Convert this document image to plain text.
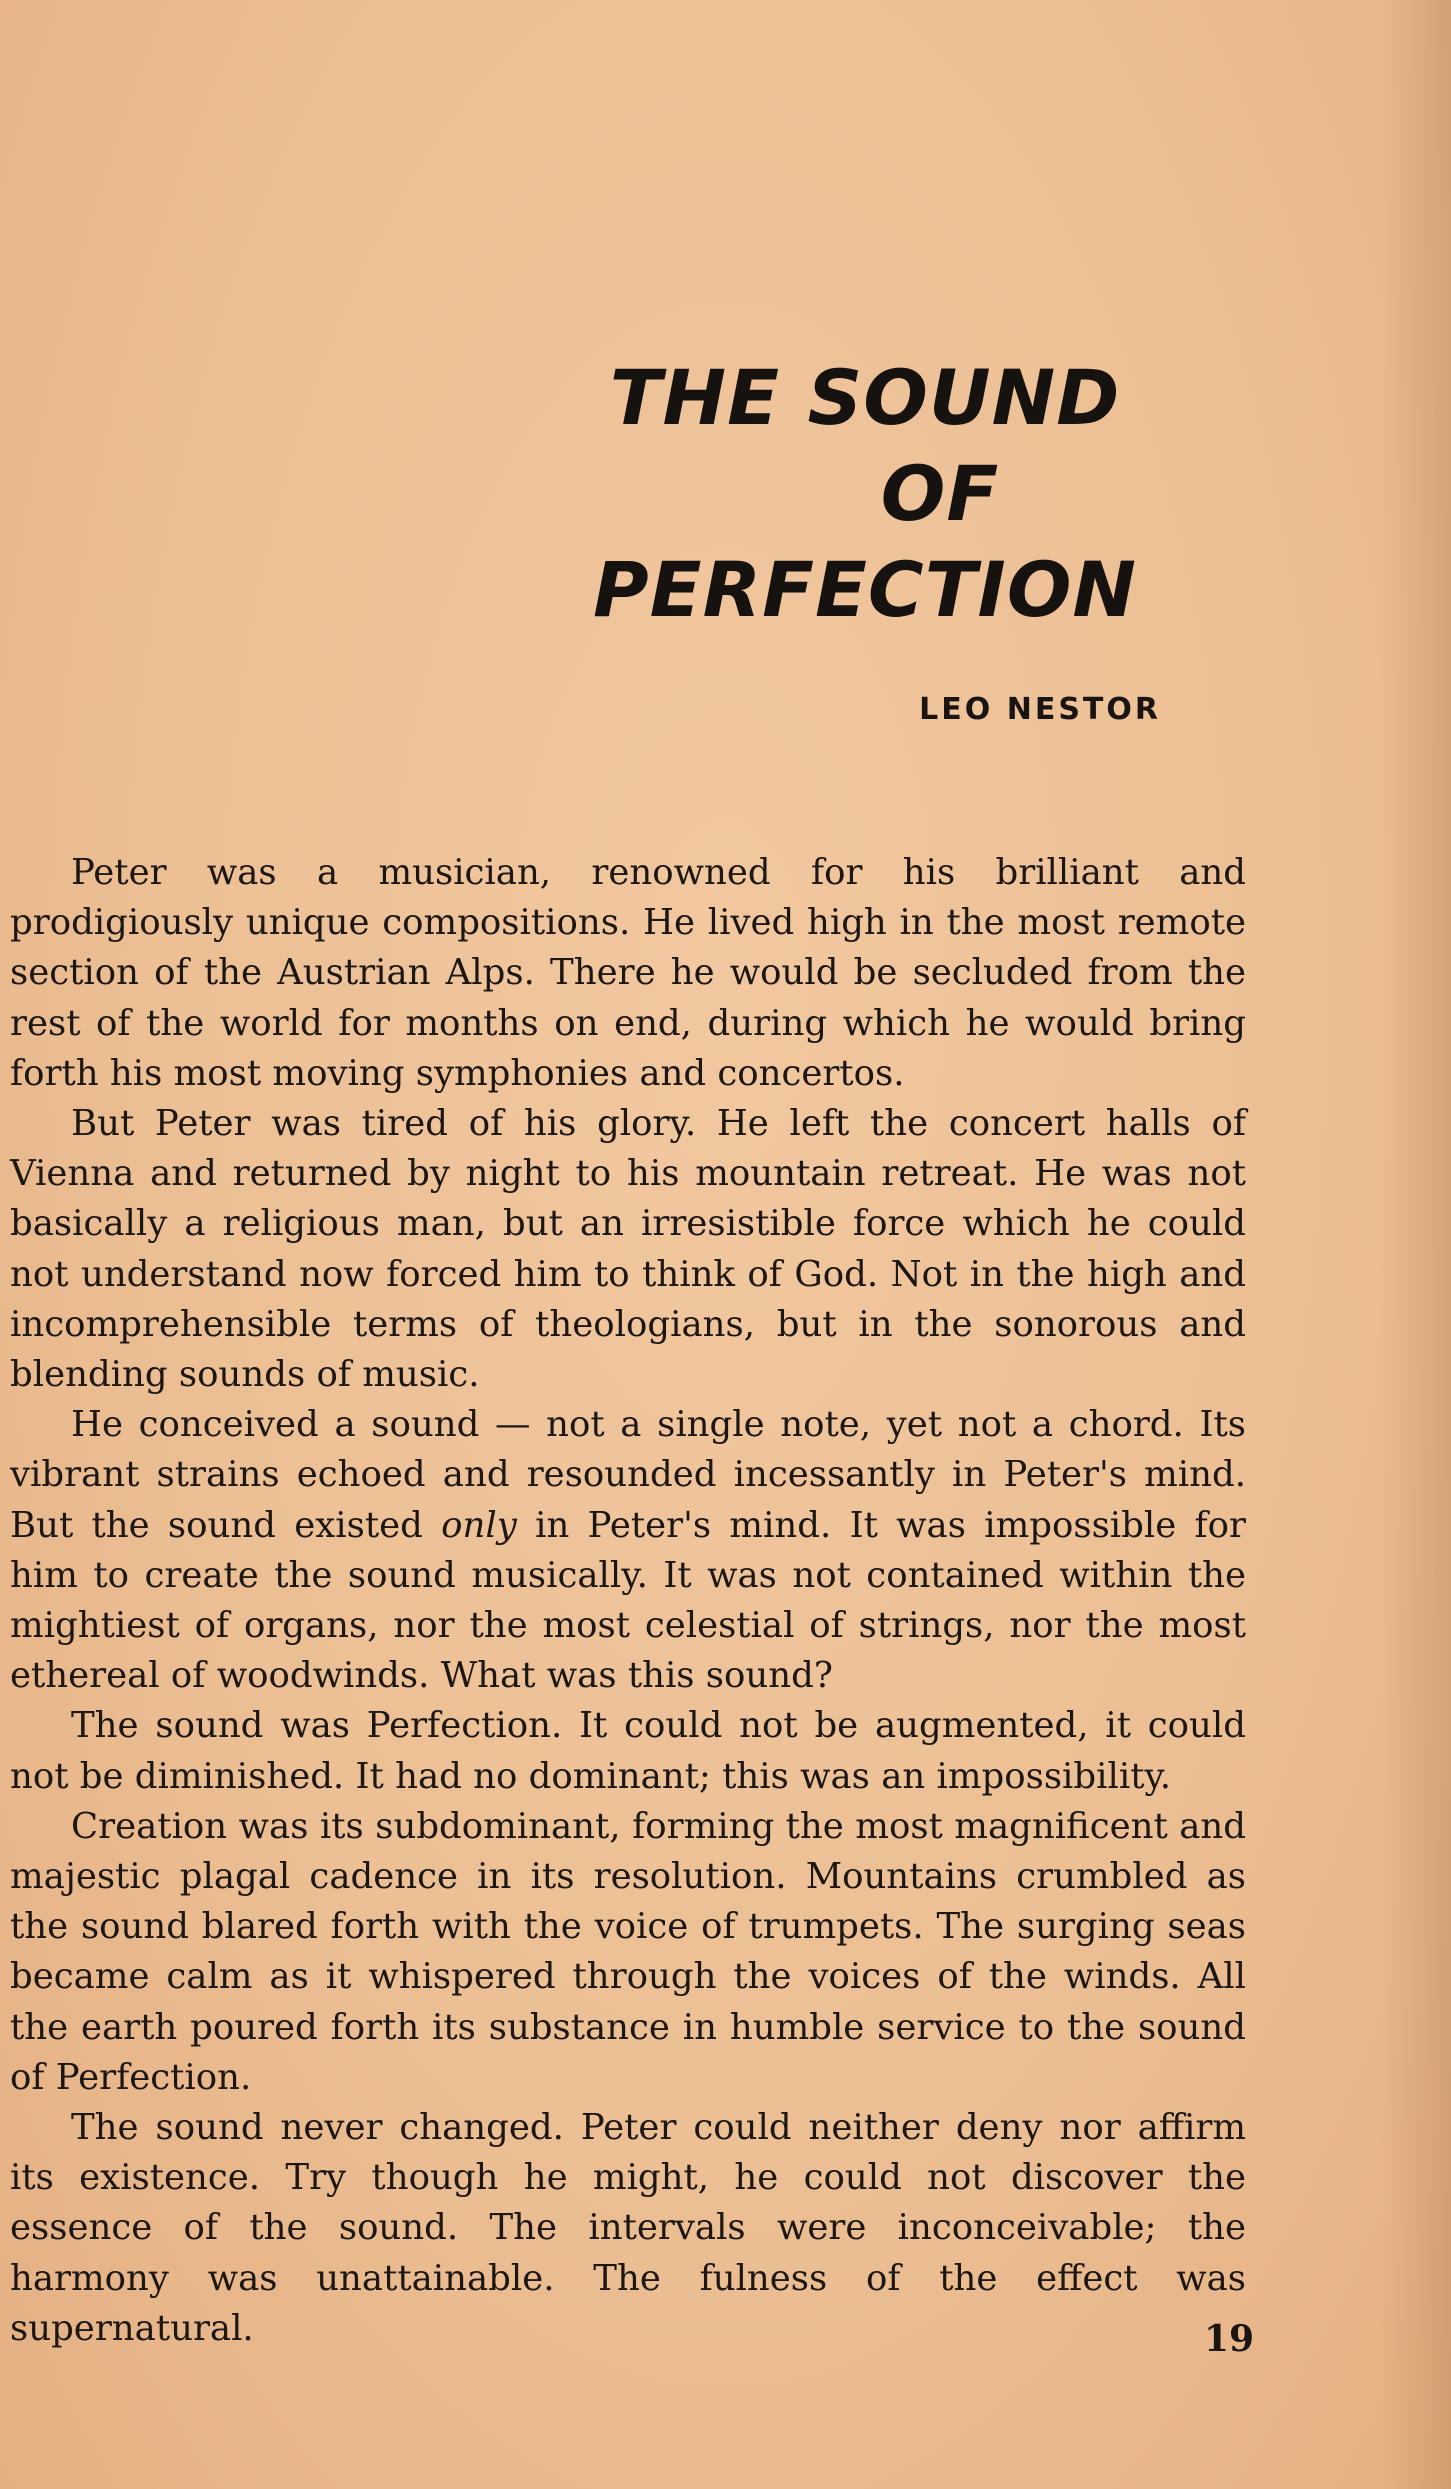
THE SOUND
OF
PERFECTION
LEO NESTOR

Peter was a musician, renowned for his brilliant and prodigiously unique compositions. He lived high in the most remote section of the Austrian Alps. There he would be secluded from the rest of the world for months on end, during which he would bring forth his most moving symphonies and concertos.

But Peter was tired of his glory. He left the concert halls of Vienna and returned by night to his mountain retreat. He was not basically a religious man, but an irresistible force which he could not understand now forced him to think of God. Not in the high and incomprehensible terms of theologians, but in the sonorous and blending sounds of music.

He conceived a sound — not a single note, yet not a chord. Its vibrant strains echoed and resounded incessantly in Peter's mind. But the sound existed only in Peter's mind. It was impossible for him to create the sound musically. It was not contained within the mightiest of organs, nor the most celestial of strings, nor the most ethereal of woodwinds. What was this sound?

The sound was Perfection. It could not be augmented, it could not be diminished. It had no dominant; this was an impossibility.

Creation was its subdominant, forming the most magnificent and majestic plagal cadence in its resolution. Mountains crumbled as the sound blared forth with the voice of trumpets. The surging seas became calm as it whispered through the voices of the winds. All the earth poured forth its substance in humble service to the sound of Perfection.

The sound never changed. Peter could neither deny nor affirm its existence. Try though he might, he could not discover the essence of the sound. The intervals were inconceivable; the harmony was unattainable. The fulness of the effect was supernatural.	19
